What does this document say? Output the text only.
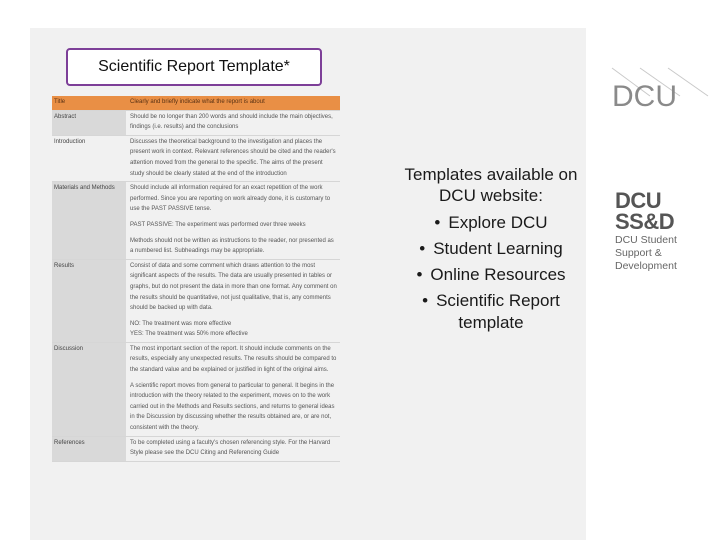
Scientific Report Template*
Title	Clearly and briefly indicate what the report is about

Abstract	Should be no longer than 200 words and should include the main objectives, findings (i.e. results) and the conclusions

Introduction	Discusses the theoretical background to the investigation and places the present work in context. Relevant references should be cited and the reader's attention moved from the general to the specific. The aims of the present study should be clearly stated at the end of the introduction

Materials and Methods	Should include all information required for an exact repetition of the work performed. Since you are reporting on work already done, it is customary to use the PAST PASSIVE tense.

PAST PASSIVE: The experiment was performed over three weeks

Methods should not be written as instructions to the reader, nor presented as a numbered list. Subheadings may be appropriate.

Results	Consist of data and some comment which draws attention to the most significant aspects of the results. The data are usually presented in tables or graphs, but do not present the data in more than one format. Any comment on the results should be quantitative, not just qualitative, that is, any comments should be backed up with data.

NO: The treatment was more effective
YES: The treatment was 50% more effective

Discussion	The most important section of the report. It should include comments on the results, especially any unexpected results. The results should be compared to the standard value and be explained or justified in light of the original aims.

A scientific report moves from general to particular to general. It begins in the introduction with the theory related to the experiment, moves on to the work carried out in the Methods and Results sections, and returns to general ideas in the Discussion by discussing whether the results obtained are, or are not, consistent with the theory.

References	To be completed using a faculty's chosen referencing style. For the Harvard Style please see the DCU Citing and Referencing Guide

Templates available on DCU website:
• Explore DCU
• Student Learning
• Online Resources
• Scientific Report template
DCU
DCU
SS&D
DCU Student
Support &
Development
